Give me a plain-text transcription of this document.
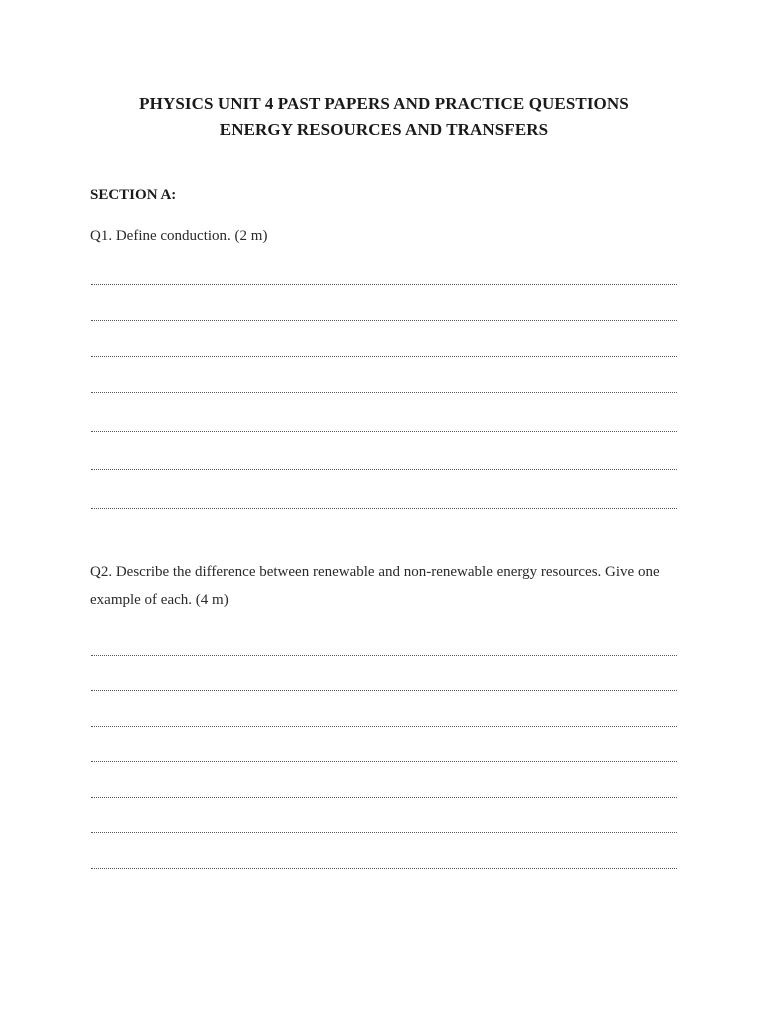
PHYSICS UNIT 4 PAST PAPERS AND PRACTICE QUESTIONS
ENERGY RESOURCES AND TRANSFERS
SECTION A:

Q1. Define conduction. (2 m)

Q2. Describe the difference between renewable and non-renewable energy resources. Give one example of each. (4 m)
